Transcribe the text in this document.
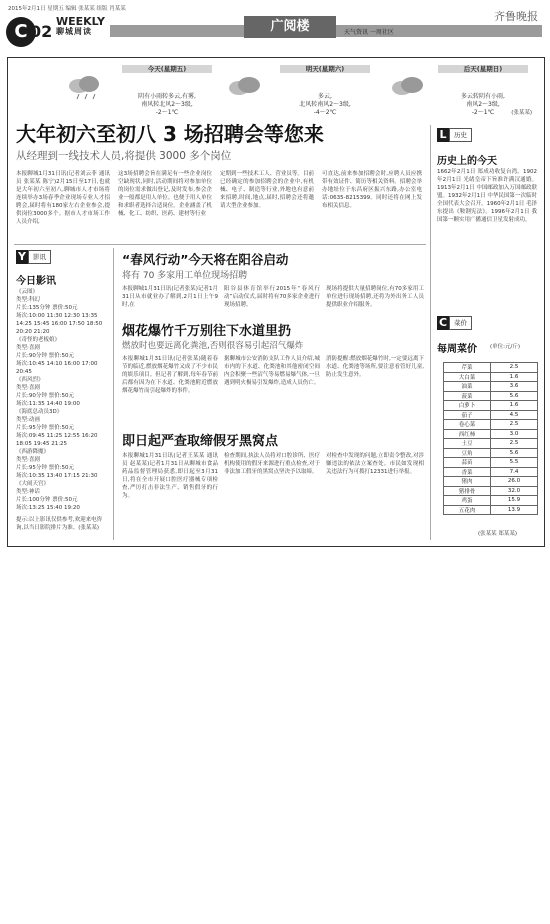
2015年2月1日 星期五 编辑 张某某 组版 肖某某
齐鲁晚报
C 02
WEEKLY
聊城周读	广阅楼	天气资讯 一周社区
今天(星期五)
阴有小雨转多云,有雾,
南风转北风2～3级,
-2～1℃
明天(星期六)
多云,
北风转南风2～3级,
-4～2℃
后天(星期日)
多云转阴有小雨,
南风2～3级,
-2～1℃	(张某某)
大年初六至初八 3 场招聘会等您来
从经理到一线技术人员,将提供 3000 多个岗位
本报聊城1月31日讯(记者刘云菲 通讯员 张某某 陈宁)2月15日至17日,也就是大年初六至初八,聊城市人才市场将连续举办3场春季企业现场专业人才招聘会,届时将有180家左右企业参会,提供岗位3000多个。据市人才市场工作人员介绍,
这3场招聘会旨在满足有一些企业岗位空缺现状,同时,活动期间将对参加单位的岗位需求做出登记,及时发布,参会企业一般都是用人单位。也便于用人单位和求职者选择合适岗位。企业涵盖了机械、化工、纺织、医药、建材等行业
定期到一些技术工人、营业员等。目前已经确定的参加招聘会的企业中,有机械、电子、制造等行业,外地也有意前来招聘,时间,地点,届时,招聘会还将邀请大型企业参加。
可直达,前来参加招聘会时,应聘人员应携带有效证件、简历等相关资料。招聘会举办地址位于东昌府区振兴东路,办公室电话:0635-8215399。同时还将在网上发布相关信息。
Y	影讯
今日影讯
《云图》
类型:科幻
片长:135分钟 票价:50元
场次:10:00 11:30 12:30 13:35 14:25 15:45 16:00 17:50 18:50 20:20 21:20
《奇怪的老板娘》
类型:喜剧
片长:90分钟 票价:50元
场次:10:45 14:10 16:00 17:00 20:45
《西风烈》
类型:喜剧
片长:90分钟 票价:50元
场次:11:35 14:40 19:00
《海底总动员3D》
类型:动画
片长:95分钟 票价:50元
场次:09:45 11:25 12:55 16:20 18:05 19:45 21:25
《西游降魔》
类型:喜剧
片长:95分钟 票价:50元
场次:10:35 13:40 17:15 21:30
《大闹天宫》
类型:神话
片长:100分钟 票价:50元
场次:13:25 15:40 19:20
提示:以上影讯仅供参考,欢迎来电咨询,以当日影院排片为准。(张某某)
“春风行动”今天将在阳谷启动
将有 70 多家用工单位现场招聘
本报聊城1月31日讯(记者张某)记者1月31日从市就业办了解到,2月1日上午9时,在
阳谷县体育馆举行2015年“春风行动”启动仪式,届时将有70多家企业进行现场招聘。
现场将提供大量招聘岗位,有70多家用工单位进行现场招聘,还将为外出务工人员提供职业介绍服务。
烟花爆竹千万别往下水道里扔
燃放时也要远离化粪池,否则很容易引起沼气爆炸
本报聊城1月31日讯(记者张某)随着春节的临近,燃放烟花爆竹又成了不少市民的娱乐项目。但记者了解到,每年春节前后都有因为在下水道、化粪池附近燃放烟花爆竹而引起爆炸的事件。
据聊城市公安消防支队工作人员介绍,城市内的下水道、化粪池和其他密闭空间内会积聚一些沼气等易燃易爆气体,一旦遇到明火极易引发爆炸,造成人员伤亡。
消防提醒:燃放烟花爆竹时,一定要远离下水道、化粪池等场所,要注意看管好儿童,防止发生意外。
即日起严查取缔假牙黑窝点
本报聊城1月31日讯(记者王某某 通讯员 赵某某)记者1月31日从聊城市食品药品监督管理局获悉,即日起至3月31日,将在全市开展口腔医疗器械专项检查,严厉打击非法生产、销售假牙的行为。
检查期间,执法人员将对口腔诊所、医疗机构使用的假牙来源进行重点检查,对于非法加工假牙的黑窝点坚决予以取缔。
对检查中发现的问题,立即责令整改,对涉嫌违法的依法立案查处。市民如发现相关违法行为可拨打12331进行举报。
L	历史
历史上的今天
1662年2月1日 郑成功收复台湾。1902年2月1日 光绪皇帝下旨准许满汉通婚。1913年2月1日 中国邮政加入万国邮政联盟。1932年2月1日 中华民国第一次临时全国代表大会召开。1960年2月1日 毛泽东提出《鞍钢宪法》。1996年2月1日 我国第一颗实用广播通信卫星发射成功。
C	菜价
每周菜价 (单位:元/斤)
芹菜	2.5
大白菜	1.6
油菜	3.6
菠菜	5.6
白萝卜	1.6
茄子	4.5
卷心菜	2.5
西红柿	3.0
土豆	2.5
豆角	5.6
蒜苗	5.5
香菜	7.4
猪肉	26.0
猪排骨	32.0
鸡蛋	15.9
五花肉	13.9
(张某某 郑某某)
